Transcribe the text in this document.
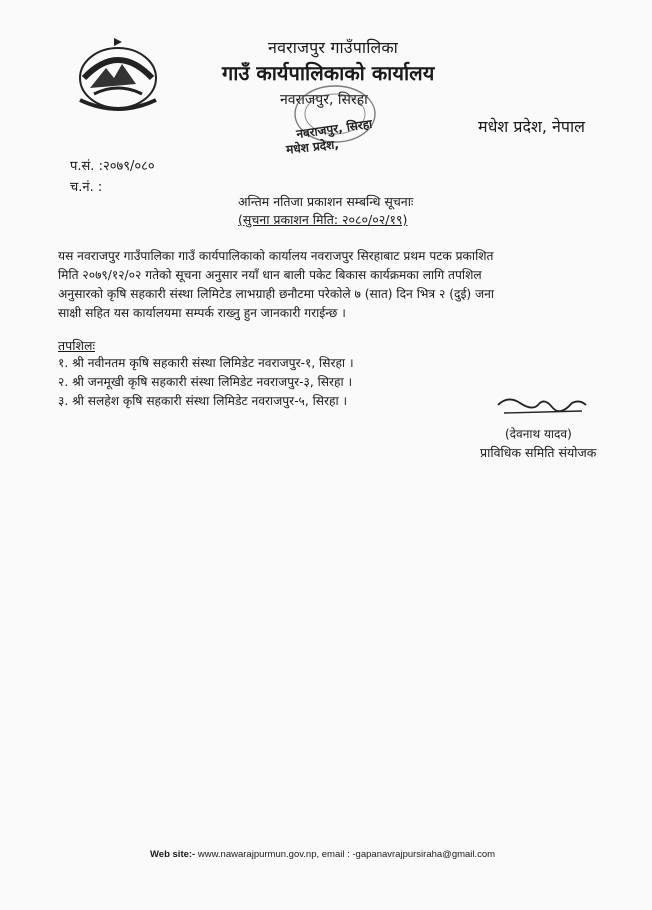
नवराजपुर गाउँपालिका
गाउँ कार्यपालिकाको कार्यालय
नवराजपुर, सिरहा
मधेश प्रदेश, नेपाल
नवराजपुर, सिरहा
मधेश प्रदेश,
प.सं. :२०७९/०८०
च.नं. :
अन्तिम नतिजा प्रकाशन सम्बन्धि सूचनाः
(सुचना प्रकाशन मिति: २०८०/०२/१९)

यस नवराजपुर गाउँपालिका गाउँ कार्यपालिकाको कार्यालय नवराजपुर सिरहाबाट प्रथम पटक प्रकाशित

मिति २०७९/१२/०२ गतेको सूचना अनुसार नयाँ धान बाली पकेट बिकास कार्यक्रमका लागि तपशिल

अनुसारको कृषि सहकारी संस्था लिमिटेड लाभग्राही छनौटमा परेकोले ७ (सात) दिन भित्र २ (दुई) जना

साक्षी सहित यस कार्यालयमा सम्पर्क राख्नु हुन जानकारी गराईन्छ ।

तपशिलः
१. श्री नवीनतम कृषि सहकारी संस्था लिमिडेट नवराजपुर-१, सिरहा ।
२. श्री जनमूखी कृषि सहकारी संस्था लिमिडेट नवराजपुर-३, सिरहा ।
३. श्री सलहेश कृषि सहकारी संस्था लिमिडेट नवराजपुर-५, सिरहा ।
(देवनाथ यादव)
प्राविधिक समिति संयोजक
Web site:- www.nawarajpurmun.gov.np, email : -gapanavrajpursiraha@gmail.com
